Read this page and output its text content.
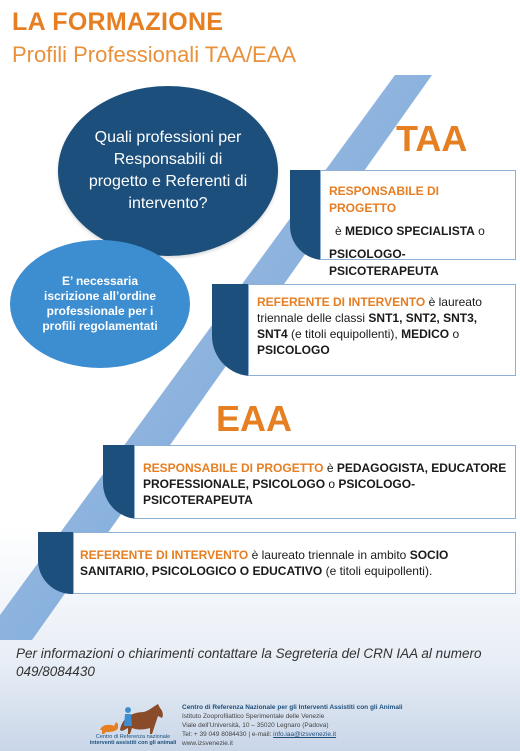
LA FORMAZIONE
Profili Professionali TAA/EAA
Quali professioni per Responsabili di progetto e Referenti di intervento?
E’ necessaria iscrizione all’ordine professionale per i profili regolamentati
TAA
RESPONSABILE DI PROGETTO
è MEDICO SPECIALISTA o
PSICOLOGO-PSICOTERAPEUTA
REFERENTE DI INTERVENTO è laureato triennale delle classi SNT1, SNT2, SNT3, SNT4 (e titoli equipollenti), MEDICO o PSICOLOGO
EAA
RESPONSABILE DI PROGETTO è PEDAGOGISTA, EDUCATORE PROFESSIONALE, PSICOLOGO o PSICOLOGO-PSICOTERAPEUTA
REFERENTE DI INTERVENTO è laureato triennale in ambito SOCIO SANITARIO, PSICOLOGICO O EDUCATIVO (e titoli equipollenti).
Per informazioni o chiarimenti contattare la Segreteria del CRN IAA al numero 049/8084430
Centro di Referenza nazionale
interventi assistiti con gli animali
Centro di Referenza Nazionale per gli Interventi Assistiti con gli Animali
Istituto Zooprofilattico Sperimentale delle Venezie
Viale dell’Università, 10 – 35020 Legnaro (Padova)
Tel: + 39 049 8084430 | e-mail: info.iaa@izsvenezie.it
www.izsvenezie.it
